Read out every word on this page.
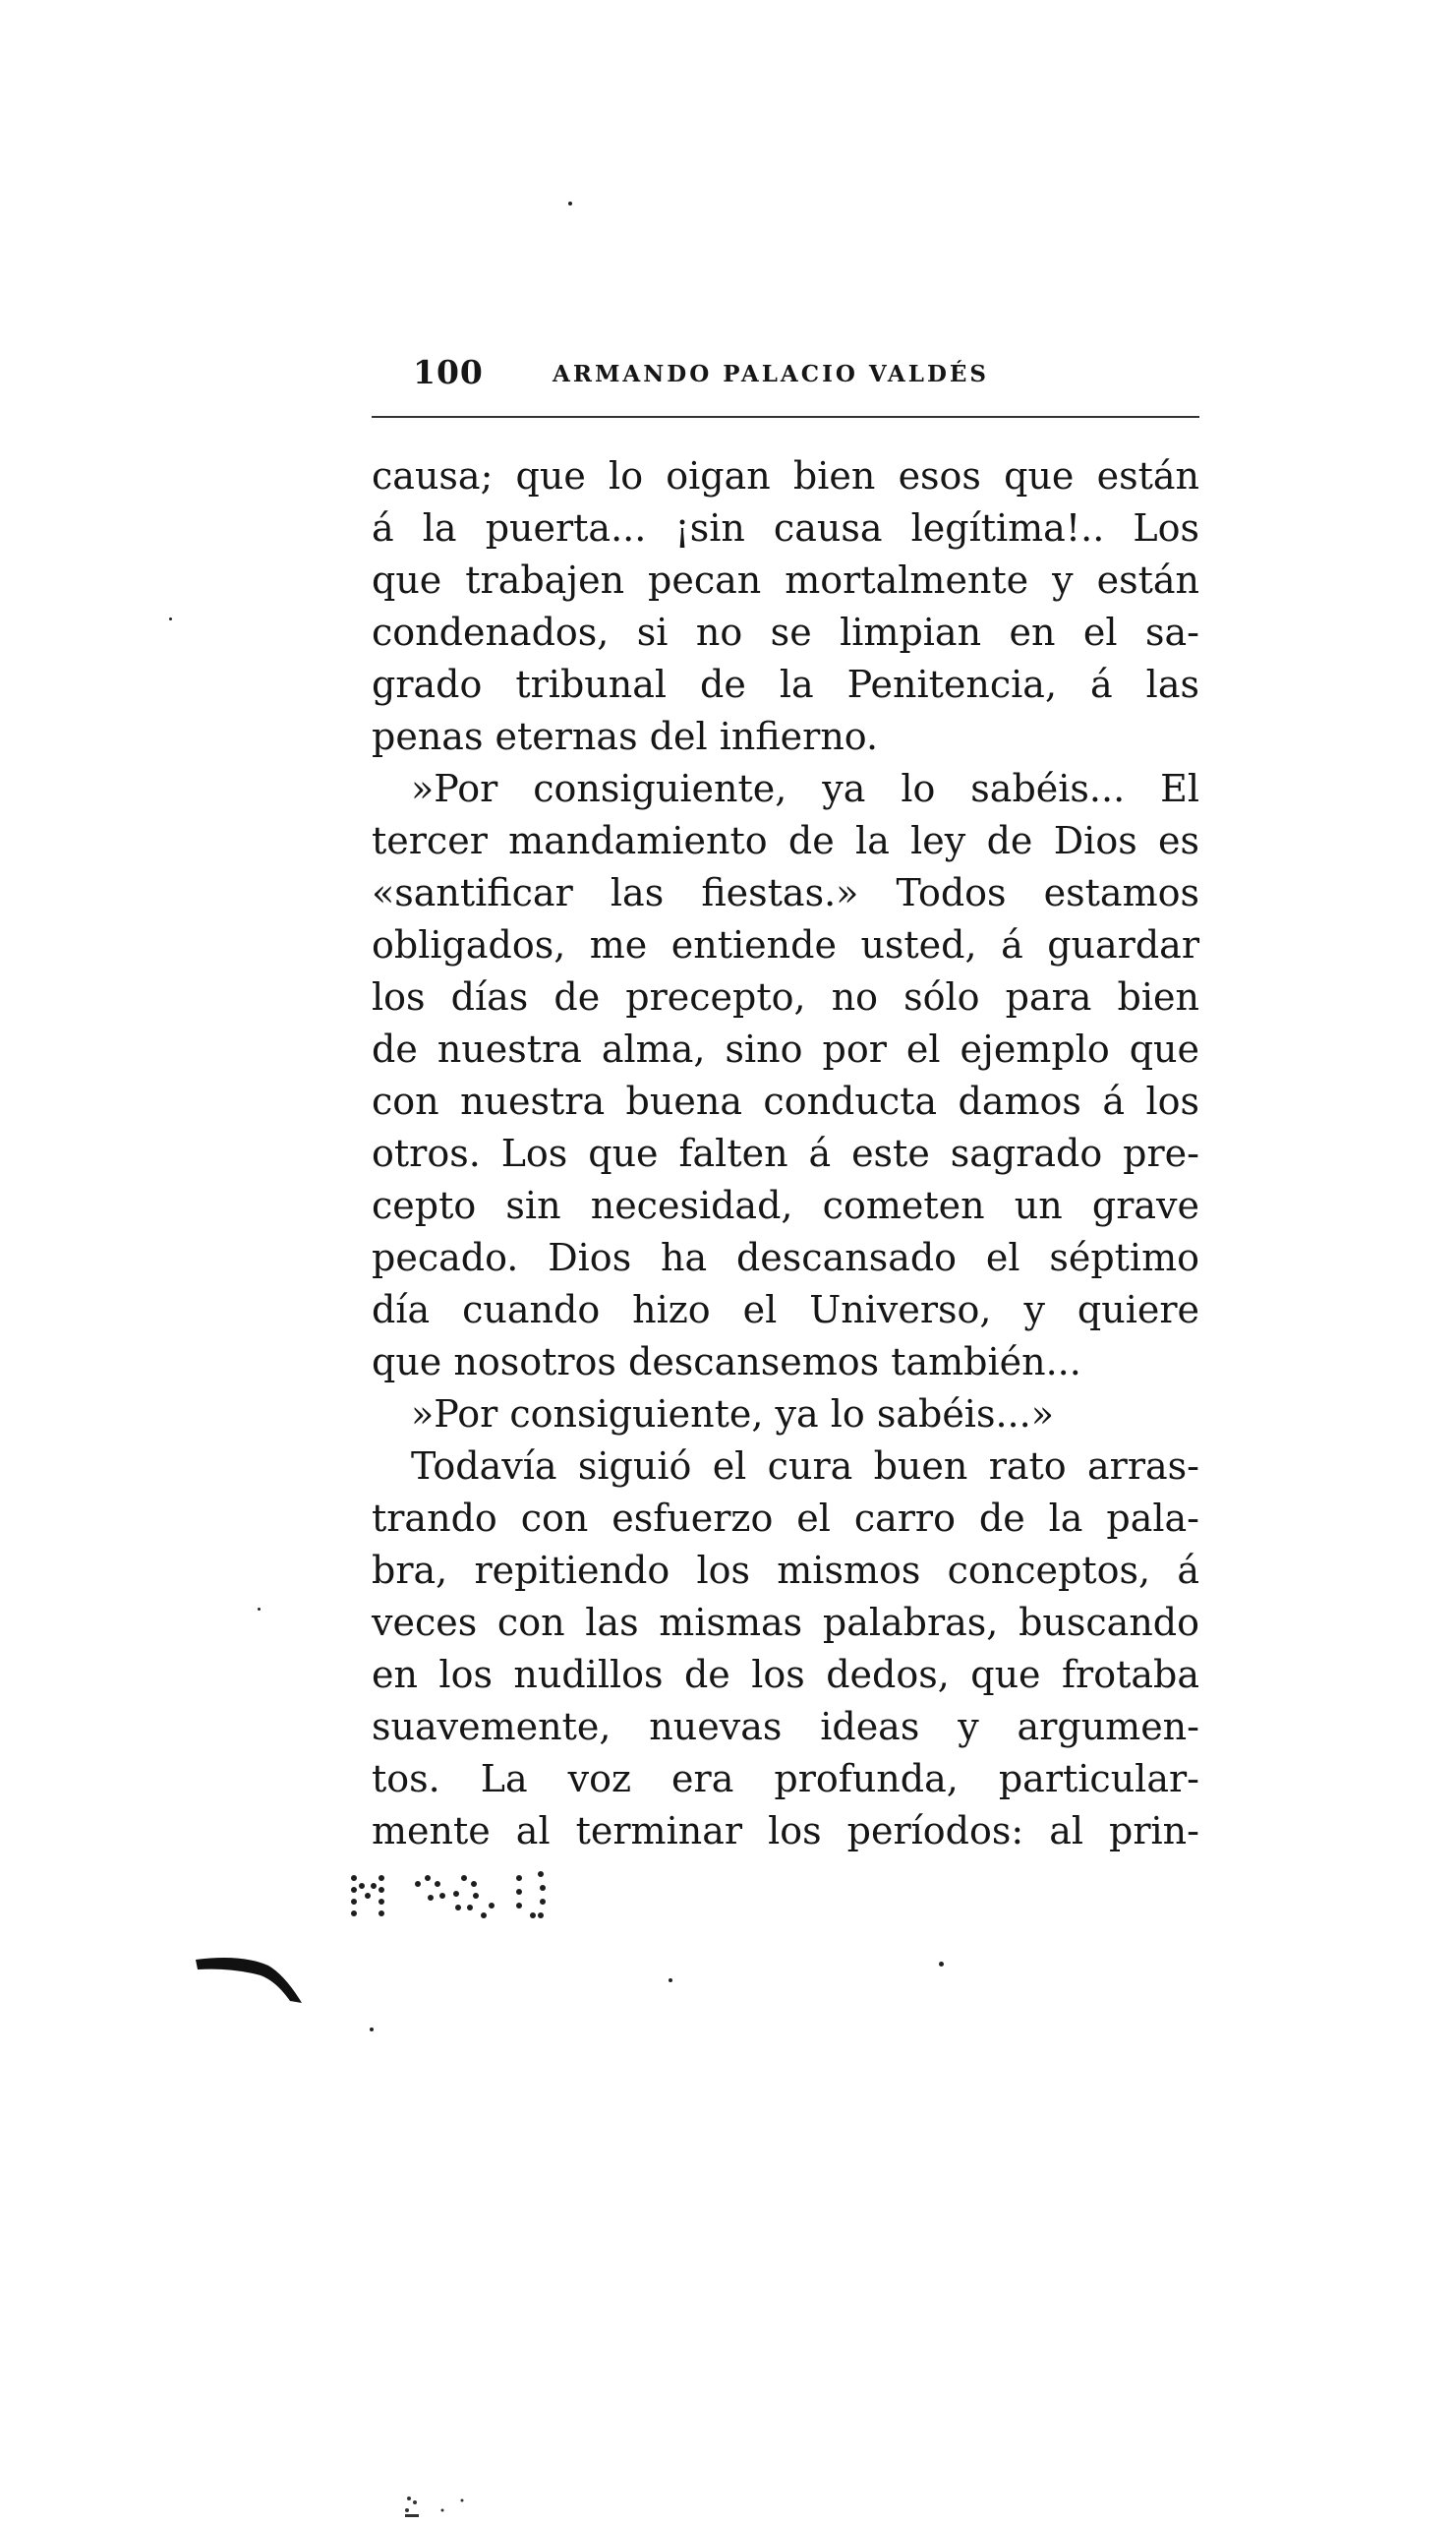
100	ARMANDO PALACIO VALDÉS
causa; que lo oigan bien esos que están
á la puerta... ¡sin causa legítima!.. Los
que trabajen pecan mortalmente y están
condenados, si no se limpian en el sa-
grado tribunal de la Penitencia, á las
penas eternas del infierno.
»Por consiguiente, ya lo sabéis... El
tercer mandamiento de la ley de Dios es
«santificar las fiestas.» Todos estamos
obligados, me entiende usted, á guardar
los días de precepto, no sólo para bien
de nuestra alma, sino por el ejemplo que
con nuestra buena conducta damos á los
otros. Los que falten á este sagrado pre-
cepto sin necesidad, cometen un grave
pecado. Dios ha descansado el séptimo
día cuando hizo el Universo, y quiere
que nosotros descansemos también...
»Por consiguiente, ya lo sabéis...»
Todavía siguió el cura buen rato arras-
trando con esfuerzo el carro de la pala-
bra, repitiendo los mismos conceptos, á
veces con las mismas palabras, buscando
en los nudillos de los dedos, que frotaba
suavemente, nuevas ideas y argumen-
tos. La voz era profunda, particular-
mente al terminar los períodos: al prin-
